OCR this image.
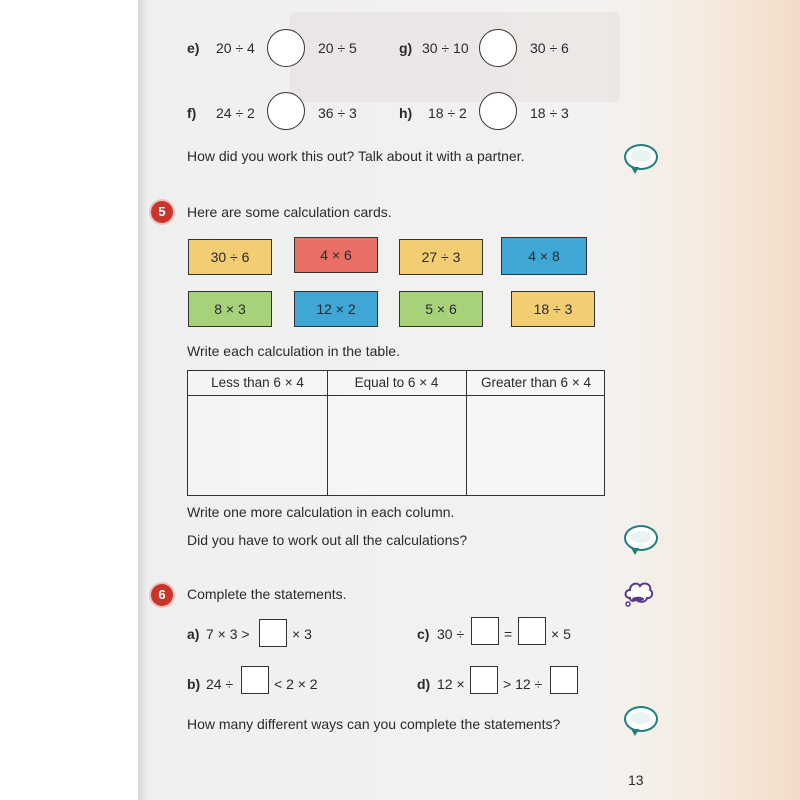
e) 20 ÷ 4	20 ÷ 5	g) 30 ÷ 10	30 ÷ 6
f) 24 ÷ 2	36 ÷ 3	h) 18 ÷ 2	18 ÷ 3
How did you work this out? Talk about it with a partner.
5	Here are some calculation cards.
30 ÷ 6	4 × 6	27 ÷ 3	4 × 8
8 × 3	12 × 2	5 × 6	18 ÷ 3
Write each calculation in the table.
Less than 6 × 4	Equal to 6 × 4	Greater than 6 × 4
Write one more calculation in each column.
Did you have to work out all the calculations?
6	Complete the statements.
a) 7 × 3 >	× 3	c) 30 ÷	=	× 5
b) 24 ÷	< 2 × 2	d) 12 ×	> 12 ÷
How many different ways can you complete the statements?
13
